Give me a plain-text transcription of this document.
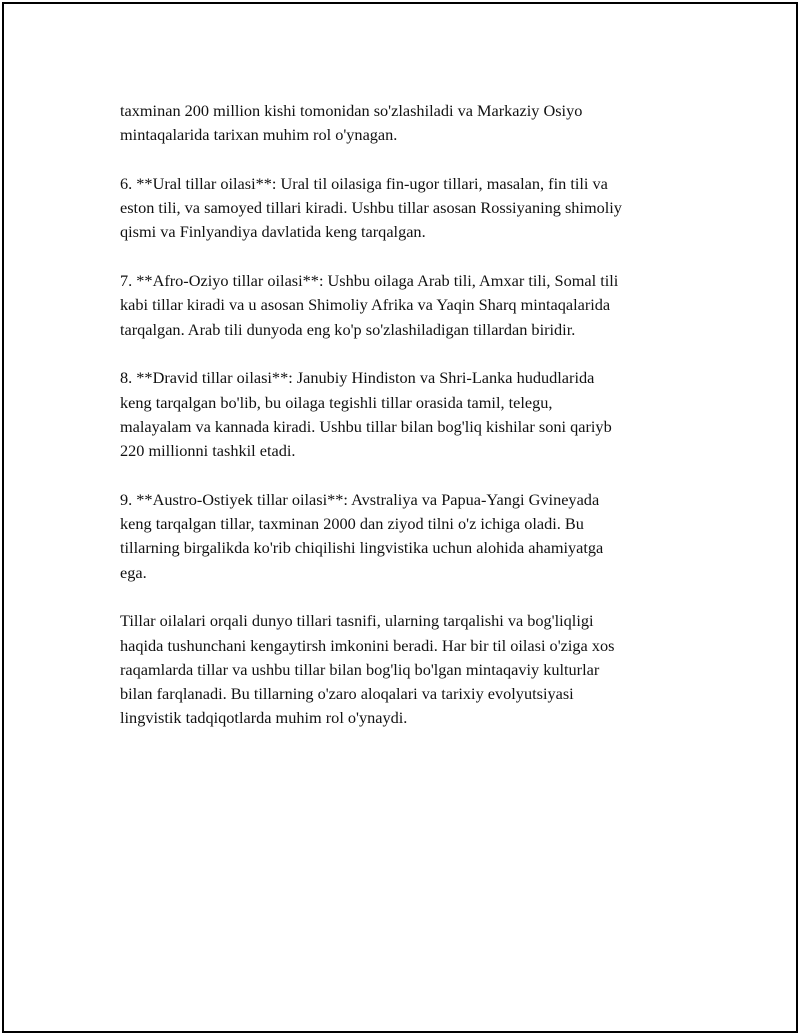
taxminan 200 million kishi tomonidan so'zlashiladi va Markaziy Osiyo
mintaqalarida tarixan muhim rol o'ynagan.

6. **Ural tillar oilasi**: Ural til oilasiga fin-ugor tillari, masalan, fin tili va
eston tili, va samoyed tillari kiradi. Ushbu tillar asosan Rossiyaning shimoliy
qismi va Finlyandiya davlatida keng tarqalgan.

7. **Afro-Oziyo tillar oilasi**: Ushbu oilaga Arab tili, Amxar tili, Somal tili
kabi tillar kiradi va u asosan Shimoliy Afrika va Yaqin Sharq mintaqalarida
tarqalgan. Arab tili dunyoda eng ko'p so'zlashiladigan tillardan biridir.

8. **Dravid tillar oilasi**: Janubiy Hindiston va Shri-Lanka hududlarida
keng tarqalgan bo'lib, bu oilaga tegishli tillar orasida tamil, telegu,
malayalam va kannada kiradi. Ushbu tillar bilan bog'liq kishilar soni qariyb
220 millionni tashkil etadi.

9. **Austro-Ostiyek tillar oilasi**: Avstraliya va Papua-Yangi Gvineyada
keng tarqalgan tillar, taxminan 2000 dan ziyod tilni o'z ichiga oladi. Bu
tillarning birgalikda ko'rib chiqilishi lingvistika uchun alohida ahamiyatga
ega.

Tillar oilalari orqali dunyo tillari tasnifi, ularning tarqalishi va bog'liqligi
haqida tushunchani kengaytirsh imkonini beradi. Har bir til oilasi o'ziga xos
raqamlarda tillar va ushbu tillar bilan bog'liq bo'lgan mintaqaviy kulturlar
bilan farqlanadi. Bu tillarning o'zaro aloqalari va tarixiy evolyutsiyasi
lingvistik tadqiqotlarda muhim rol o'ynaydi.
